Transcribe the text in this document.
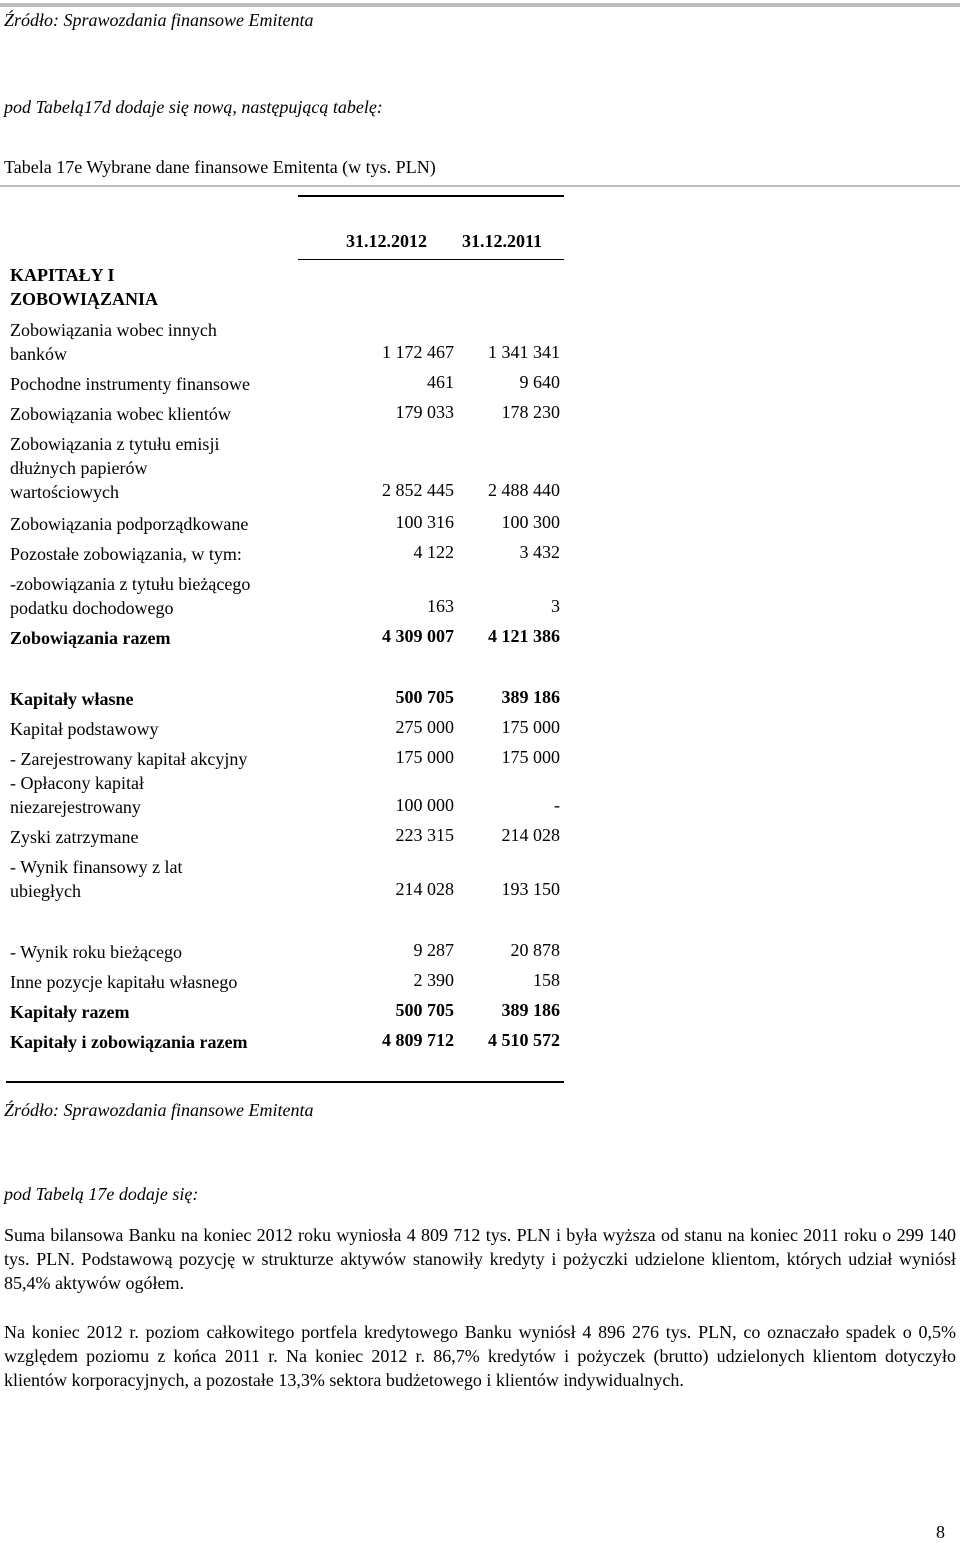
Źródło: Sprawozdania finansowe Emitenta
pod Tabelą17d dodaje się nową, następującą tabelę:
Tabela 17e Wybrane dane finansowe Emitenta (w tys. PLN)
31.12.2012 31.12.2011
KAPITAŁY I
ZOBOWIĄZANIA
Zobowiązania wobec innych
banków	1 172 467	1 341 341
Pochodne instrumenty finansowe	461	9 640
Zobowiązania wobec klientów	179 033	178 230
Zobowiązania z tytułu emisji
dłużnych papierów
wartościowych	2 852 445	2 488 440
Zobowiązania podporządkowane	100 316	100 300
Pozostałe zobowiązania, w tym:	4 122	3 432
-zobowiązania z tytułu bieżącego
podatku dochodowego	163	3
Zobowiązania razem	4 309 007	4 121 386
Kapitały własne	500 705	389 186
Kapitał podstawowy	275 000	175 000
- Zarejestrowany kapitał akcyjny	175 000	175 000
- Opłacony kapitał
niezarejestrowany	100 000	-
Zyski zatrzymane	223 315	214 028
- Wynik finansowy z lat
ubiegłych	214 028	193 150
- Wynik roku bieżącego	9 287	20 878
Inne pozycje kapitału własnego	2 390	158
Kapitały razem	500 705	389 186
Kapitały i zobowiązania razem	4 809 712	4 510 572
Źródło: Sprawozdania finansowe Emitenta
pod Tabelą 17e dodaje się:
Suma bilansowa Banku na koniec 2012 roku wyniosła 4 809 712 tys. PLN i była wyższa od stanu na koniec 2011 roku o 299 140 tys. PLN. Podstawową pozycję w strukturze aktywów stanowiły kredyty i pożyczki udzielone klientom, których udział wyniósł 85,4% aktywów ogółem.
Na koniec 2012 r. poziom całkowitego portfela kredytowego Banku wyniósł 4 896 276 tys. PLN, co oznaczało spadek o 0,5% względem poziomu z końca 2011 r. Na koniec 2012 r. 86,7% kredytów i pożyczek (brutto) udzielonych klientom dotyczyło klientów korporacyjnych, a pozostałe 13,3% sektora budżetowego i klientów indywidualnych.
8
